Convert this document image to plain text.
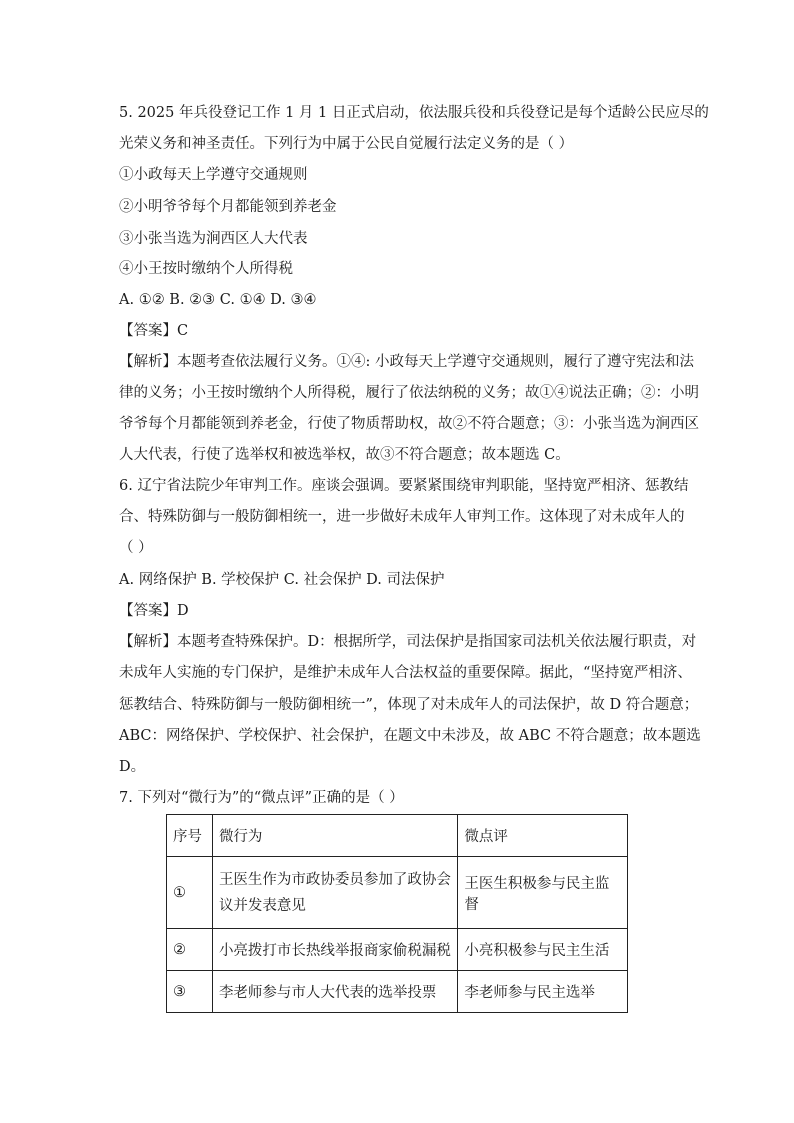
5. 2025 年兵役登记工作 1 月 1 日正式启动，依法服兵役和兵役登记是每个适龄公民应尽的
光荣义务和神圣责任。下列行为中属于公民自觉履行法定义务的是（ ）
①小政每天上学遵守交通规则
②小明爷爷每个月都能领到养老金
③小张当选为涧西区人大代表
④小王按时缴纳个人所得税
A. ①② B. ②③ C. ①④ D. ③④
【答案】C
【解析】本题考查依法履行义务。①④: 小政每天上学遵守交通规则，履行了遵守宪法和法
律的义务；小王按时缴纳个人所得税，履行了依法纳税的义务；故①④说法正确；②：小明
爷爷每个月都能领到养老金，行使了物质帮助权，故②不符合题意；③：小张当选为涧西区
人大代表，行使了选举权和被选举权，故③不符合题意；故本题选 C。
6. 辽宁省法院少年审判工作。座谈会强调。要紧紧围绕审判职能，坚持宽严相济、惩教结
合、特殊防御与一般防御相统一，进一步做好未成年人审判工作。这体现了对未成年人的
（ ）
A. 网络保护 B. 学校保护 C. 社会保护 D. 司法保护
【答案】D
【解析】本题考查特殊保护。D：根据所学，司法保护是指国家司法机关依法履行职责，对
未成年人实施的专门保护，是维护未成年人合法权益的重要保障。据此，“坚持宽严相济、
惩教结合、特殊防御与一般防御相统一”，体现了对未成年人的司法保护，故 D 符合题意；
ABC：网络保护、学校保护、社会保护，在题文中未涉及，故 ABC 不符合题意；故本题选
D。
7. 下列对“微行为”的“微点评”正确的是（ ）
序号	微行为	微点评
①	王医生作为市政协委员参加了政协会议并发表意见	王医生积极参与民主监督
②	小亮拨打市长热线举报商家偷税漏税	小亮积极参与民主生活
③	李老师参与市人大代表的选举投票	李老师参与民主选举
